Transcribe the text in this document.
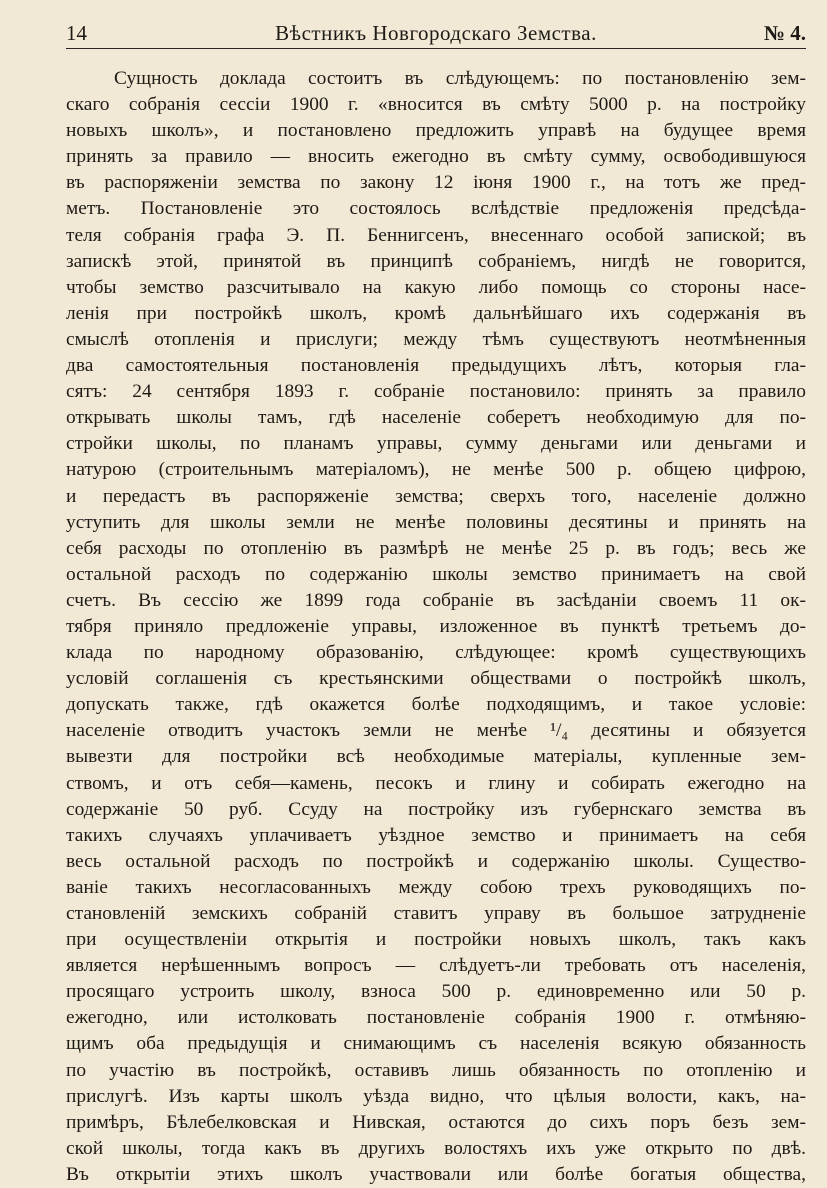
Вѣстникъ Новгородскаго Земства.
14	№ 4.
Сущность доклада состоитъ въ слѣдующемъ: по постановленію зем-
скаго собранія сессіи 1900 г. «вносится въ смѣту 5000 р. на постройку
новыхъ школъ», и постановлено предложить управѣ на будущее время
принять за правило — вносить ежегодно въ смѣту сумму, освободившуюся
въ распоряженіи земства по закону 12 іюня 1900 г., на тотъ же пред-
метъ. Постановленіе это состоялось вслѣдствіе предложенія предсѣда-
теля собранія графа Э. П. Беннигсенъ, внесеннаго особой запиской; въ
запискѣ этой, принятой въ принципѣ собраніемъ, нигдѣ не говорится,
чтобы земство разсчитывало на какую либо помощь со стороны насе-
ленія при постройкѣ школъ, кромѣ дальнѣйшаго ихъ содержанія въ
смыслѣ отопленія и прислуги; между тѣмъ существуютъ неотмѣненныя
два самостоятельныя постановленія предыдущихъ лѣтъ, которыя гла-
сятъ: 24 сентября 1893 г. собраніе постановило: принять за правило
открывать школы тамъ, гдѣ населеніе соберетъ необходимую для по-
стройки школы, по планамъ управы, сумму деньгами или деньгами и
натурою (строительнымъ матеріаломъ), не менѣе 500 р. общею цифрою,
и передастъ въ распоряженіе земства; сверхъ того, населеніе должно
уступить для школы земли не менѣе половины десятины и принять на
себя расходы по отопленію въ размѣрѣ не менѣе 25 р. въ годъ; весь же
остальной расходъ по содержанію школы земство принимаетъ на свой
счетъ. Въ сессію же 1899 года собраніе въ засѣданіи своемъ 11 ок-
тября приняло предложеніе управы, изложенное въ пунктѣ третьемъ до-
клада по народному образованію, слѣдующее: кромѣ существующихъ
условій соглашенія съ крестьянскими обществами о постройкѣ школъ,
допускать также, гдѣ окажется болѣе подходящимъ, и такое условіе:
населеніе отводитъ участокъ земли не менѣе ¹/₄ десятины и обязуется
вывезти для постройки всѣ необходимые матеріалы, купленные зем-
ствомъ, и отъ себя—камень, песокъ и глину и собирать ежегодно на
содержаніе 50 руб. Ссуду на постройку изъ губернскаго земства въ
такихъ случаяхъ уплачиваетъ уѣздное земство и принимаетъ на себя
весь остальной расходъ по постройкѣ и содержанію школы. Существо-
ваніе такихъ несогласованныхъ между собою трехъ руководящихъ по-
становленій земскихъ собраній ставитъ управу въ большое затрудненіе
при осуществленіи открытія и постройки новыхъ школъ, такъ какъ
является нерѣшеннымъ вопросъ — слѣдуетъ-ли требовать отъ населенія,
просящаго устроить школу, взноса 500 р. единовременно или 50 р.
ежегодно, или истолковать постановленіе собранія 1900 г. отмѣняю-
щимъ оба предыдущія и снимающимъ съ населенія всякую обязанность
по участію въ постройкѣ, оставивъ лишь обязанность по отопленію и
прислугѣ. Изъ карты школъ уѣзда видно, что цѣлыя волости, какъ, на-
примѣръ, Бѣлебелковская и Нивская, остаются до сихъ поръ безъ зем-
ской школы, тогда какъ въ другихъ волостяхъ ихъ уже открыто по двѣ.
Въ открытіи этихъ школъ участвовали или болѣе богатыя общества,
